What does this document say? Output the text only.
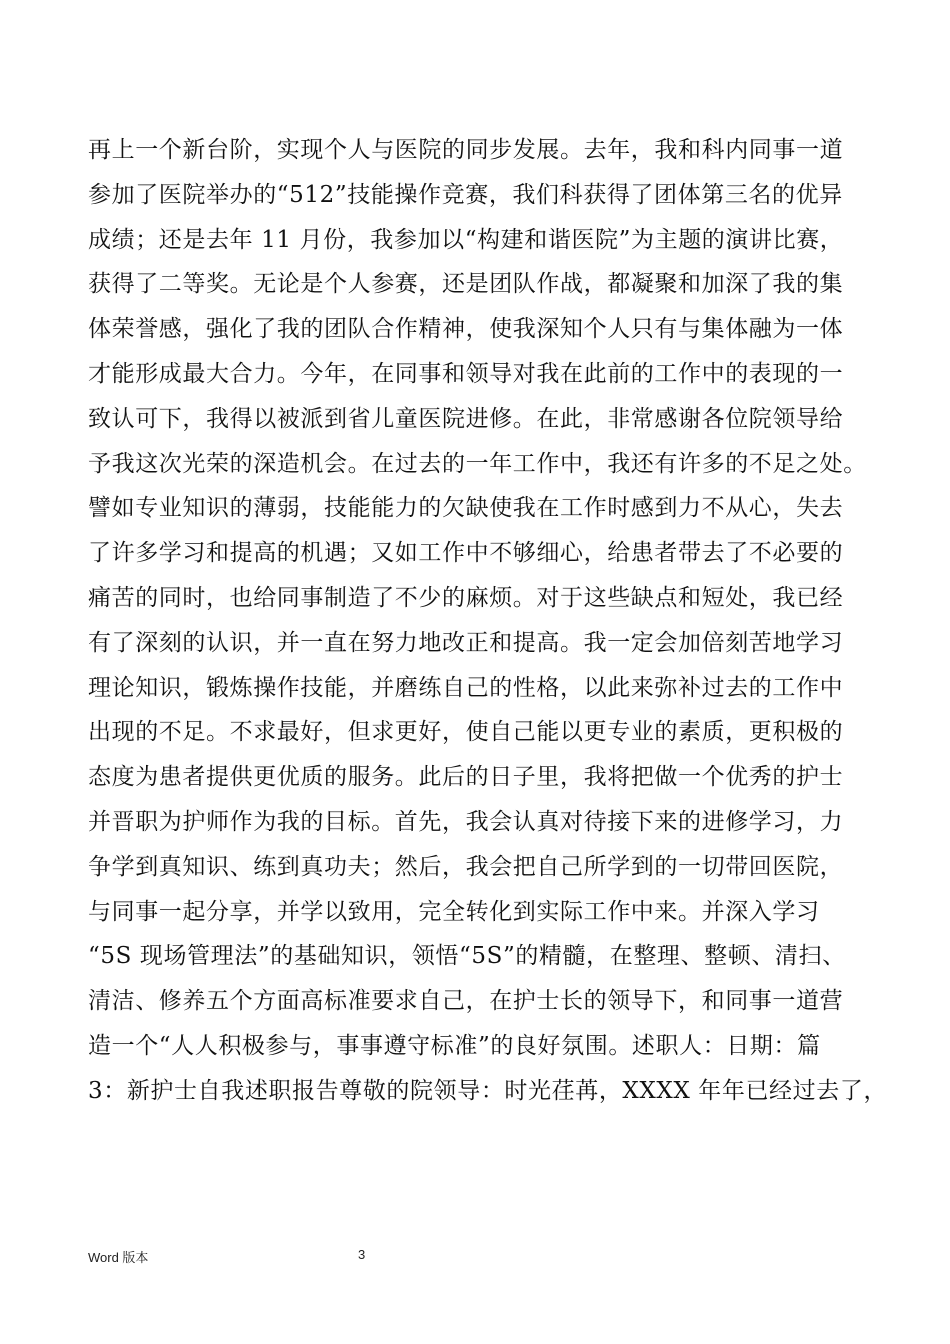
再上一个新台阶，实现个人与医院的同步发展。去年，我和科内同事一道
参加了医院举办的“512”技能操作竞赛，我们科获得了团体第三名的优异
成绩；还是去年 11 月份，我参加以“构建和谐医院”为主题的演讲比赛，
获得了二等奖。无论是个人参赛，还是团队作战，都凝聚和加深了我的集
体荣誉感，强化了我的团队合作精神，使我深知个人只有与集体融为一体
才能形成最大合力。今年，在同事和领导对我在此前的工作中的表现的一
致认可下，我得以被派到省儿童医院进修。在此，非常感谢各位院领导给
予我这次光荣的深造机会。在过去的一年工作中，我还有许多的不足之处。
譬如专业知识的薄弱，技能能力的欠缺使我在工作时感到力不从心，失去
了许多学习和提高的机遇；又如工作中不够细心，给患者带去了不必要的
痛苦的同时，也给同事制造了不少的麻烦。对于这些缺点和短处，我已经
有了深刻的认识，并一直在努力地改正和提高。我一定会加倍刻苦地学习
理论知识，锻炼操作技能，并磨练自己的性格，以此来弥补过去的工作中
出现的不足。不求最好，但求更好，使自己能以更专业的素质，更积极的
态度为患者提供更优质的服务。此后的日子里，我将把做一个优秀的护士
并晋职为护师作为我的目标。首先，我会认真对待接下来的进修学习，力
争学到真知识、练到真功夫；然后，我会把自己所学到的一切带回医院，
与同事一起分享，并学以致用，完全转化到实际工作中来。并深入学习
“5S 现场管理法”的基础知识，领悟“5S”的精髓，在整理、整顿、清扫、
清洁、修养五个方面高标准要求自己，在护士长的领导下，和同事一道营
造一个“人人积极参与，事事遵守标准”的良好氛围。述职人：日期：篇
3：新护士自我述职报告尊敬的院领导：时光荏苒，XXXX 年年已经过去了，
Word 版本	3
